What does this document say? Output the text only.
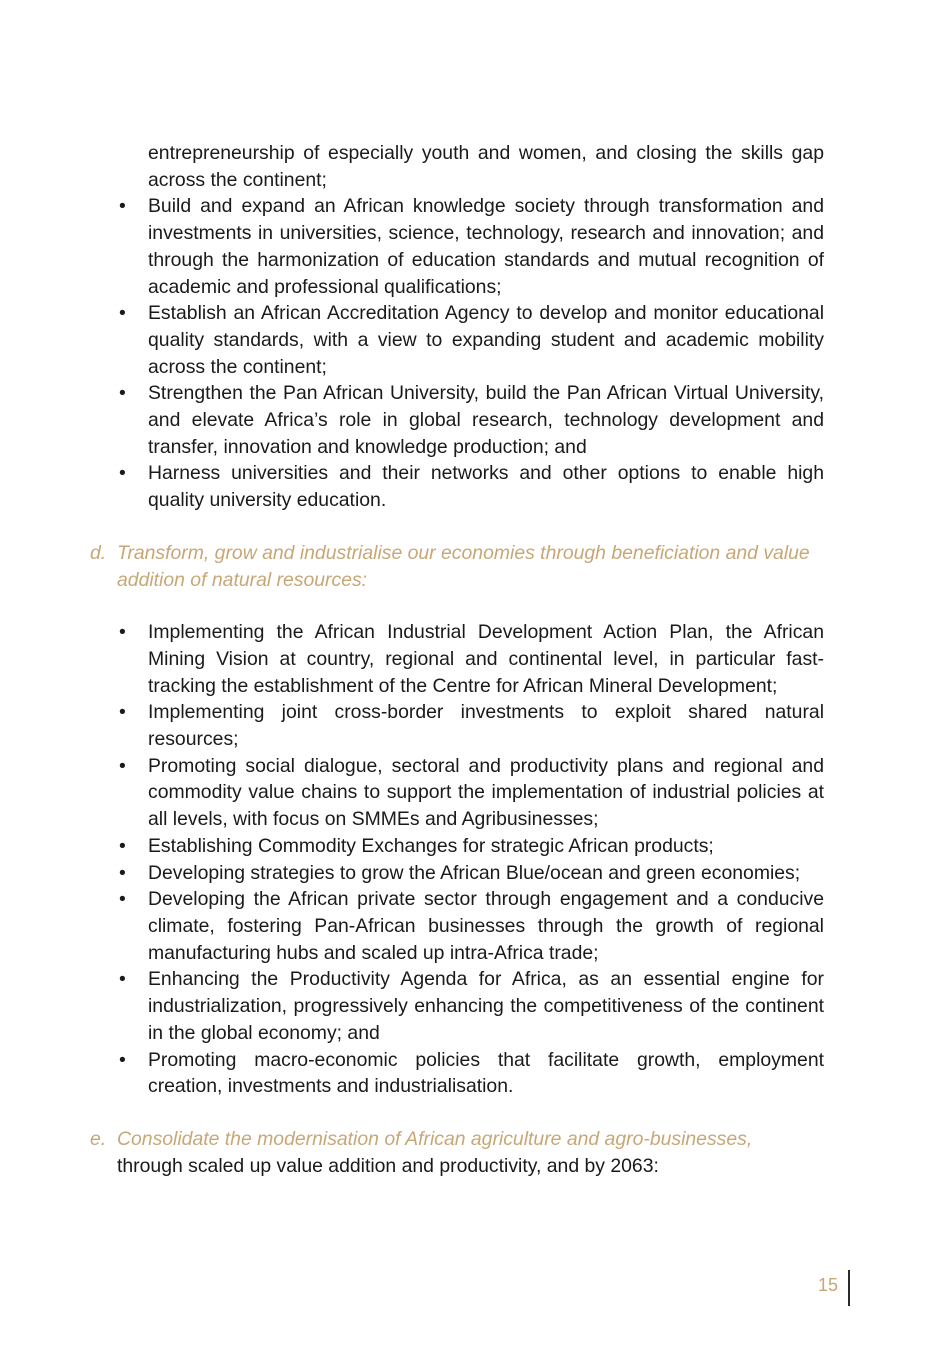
entrepreneurship of especially youth and women, and closing the skills gap across the continent;
• Build and expand an African knowledge society through transformation and investments in universities, science, technology, research and innovation; and through the harmonization of education standards and mutual recognition of academic and professional qualifications;
• Establish an African Accreditation Agency to develop and monitor educational quality standards, with a view to expanding student and academic mobility across the continent;
• Strengthen the Pan African University, build the Pan African Virtual University, and elevate Africa’s role in global research, technology development and transfer, innovation and knowledge production; and
• Harness universities and their networks and other options to enable high quality university education.
d. Transform, grow and industrialise our economies through beneficiation and value addition of natural resources:
• Implementing the African Industrial Development Action Plan, the African Mining Vision at country, regional and continental level, in particular fast-tracking the establishment of the Centre for African Mineral Development;
• Implementing joint cross-border investments to exploit shared natural resources;
• Promoting social dialogue, sectoral and productivity plans and regional and commodity value chains to support the implementation of industrial policies at all levels, with focus on SMMEs and Agribusinesses;
• Establishing Commodity Exchanges for strategic African products;
• Developing strategies to grow the African Blue/ocean and green economies;
• Developing the African private sector through engagement and a conducive climate, fostering Pan-African businesses through the growth of regional manufacturing hubs and scaled up intra-Africa trade;
• Enhancing the Productivity Agenda for Africa, as an essential engine for industrialization, progressively enhancing the competitiveness of the continent in the global economy; and
• Promoting macro-economic policies that facilitate growth, employment creation, investments and industrialisation.
e. Consolidate the modernisation of African agriculture and agro-businesses,
through scaled up value addition and productivity, and by 2063:
15
